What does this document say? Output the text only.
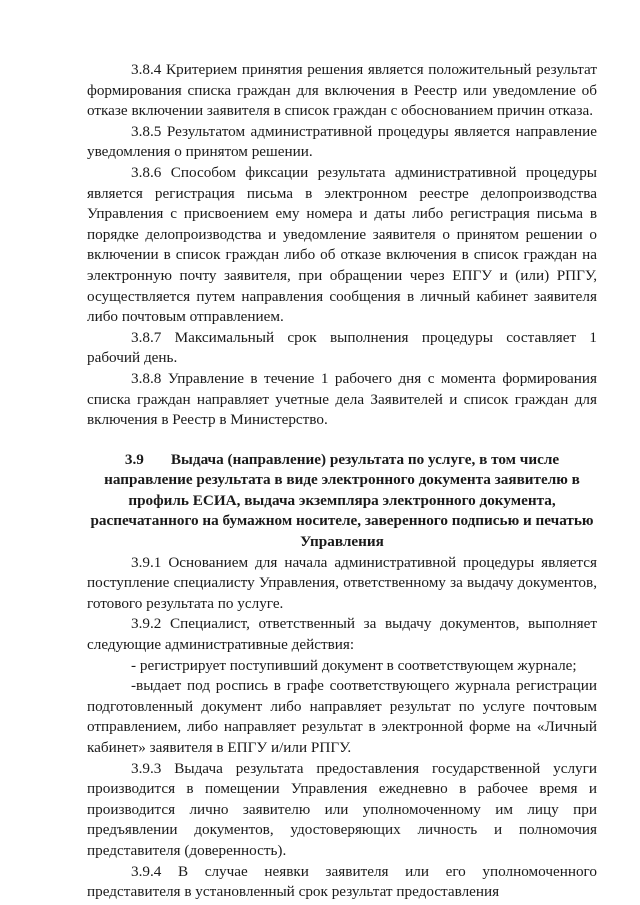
3.8.4 Критерием принятия решения является положительный результат формирования списка граждан для включения в Реестр или уведомление об отказе включении заявителя в список граждан с обоснованием причин отказа.

3.8.5 Результатом административной процедуры является направление уведомления о принятом решении.

3.8.6 Способом фиксации результата административной процедуры является регистрация письма в электронном реестре делопроизводства Управления с присвоением ему номера и даты либо регистрация письма в порядке делопроизводства и уведомление заявителя о принятом решении о включении в список граждан либо об отказе включения в список граждан на электронную почту заявителя, при обращении через ЕПГУ и (или) РПГУ, осуществляется путем направления сообщения в личный кабинет заявителя либо почтовым отправлением.

3.8.7 Максимальный срок выполнения процедуры составляет 1 рабочий день.

3.8.8 Управление в течение 1 рабочего дня с момента формирования списка граждан направляет учетные дела Заявителей и список граждан для включения в Реестр в Министерство.

3.9 Выдача (направление) результата по услуге, в том числе направление результата в виде электронного документа заявителю в профиль ЕСИА, выдача экземпляра электронного документа, распечатанного на бумажном носителе, заверенного подписью и печатью Управления

3.9.1 Основанием для начала административной процедуры является поступление специалисту Управления, ответственному за выдачу документов, готового результата по услуге.

3.9.2 Специалист, ответственный за выдачу документов, выполняет следующие административные действия:

- регистрирует поступивший документ в соответствующем журнале;

-выдает под роспись в графе соответствующего журнала регистрации подготовленный документ либо направляет результат по услуге почтовым отправлением, либо направляет результат в электронной форме на «Личный кабинет» заявителя в ЕПГУ и/или РПГУ.

3.9.3 Выдача результата предоставления государственной услуги производится в помещении Управления ежедневно в рабочее время и производится лично заявителю или уполномоченному им лицу при предъявлении документов, удостоверяющих личность и полномочия представителя (доверенность).

3.9.4 В случае неявки заявителя или его уполномоченного представителя в установленный срок результат предоставления
